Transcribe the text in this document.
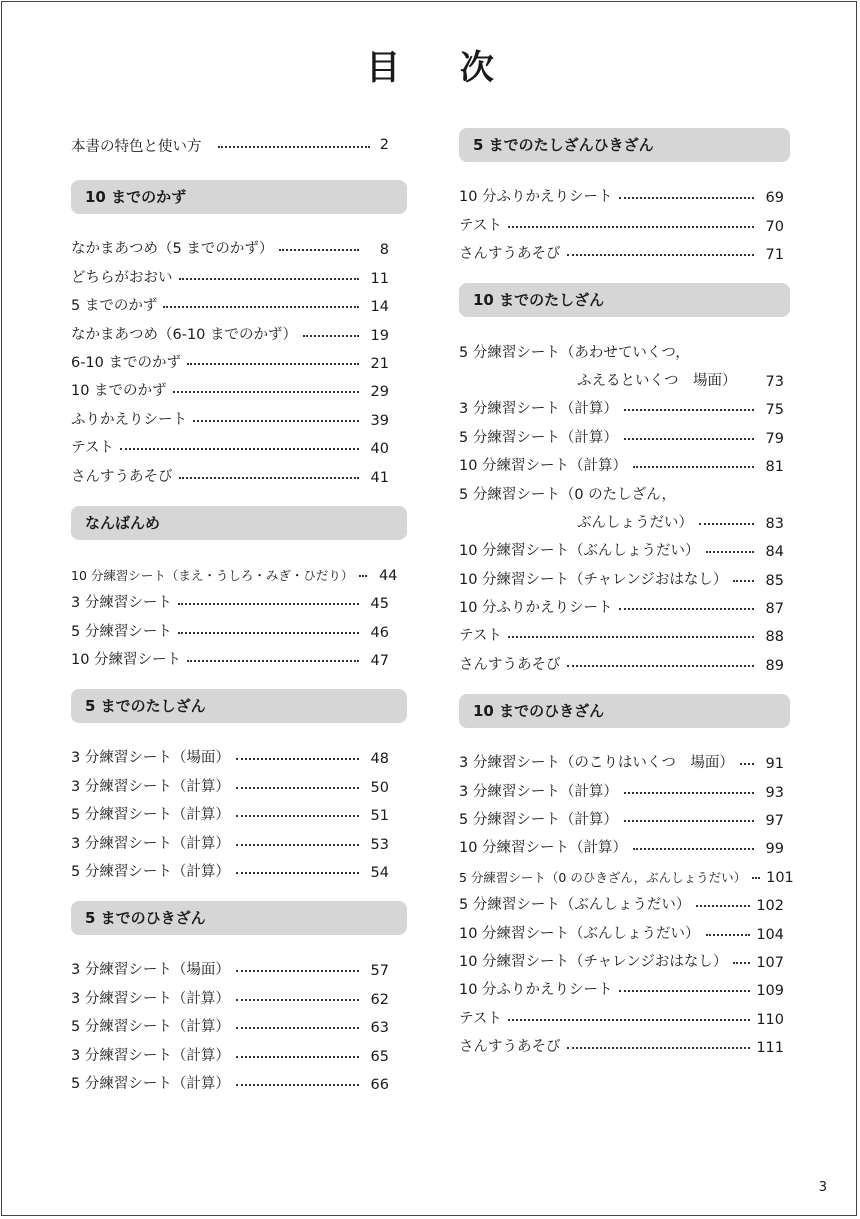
目 次
本書の特色と使い方	2
10 までのかず
なかまあつめ（5 までのかず）	8
どちらがおおい	11
5 までのかず	14
なかまあつめ（6-10 までのかず）	19
6-10 までのかず	21
10 までのかず	29
ふりかえりシート	39
テスト	40
さんすうあそび	41
なんばんめ
10 分練習シート（まえ・うしろ・みぎ・ひだり）	44
3 分練習シート	45
5 分練習シート	46
10 分練習シート	47
5 までのたしざん
3 分練習シート（場面）	48
3 分練習シート（計算）	50
5 分練習シート（計算）	51
3 分練習シート（計算）	53
5 分練習シート（計算）	54
5 までのひきざん
3 分練習シート（場面）	57
3 分練習シート（計算）	62
5 分練習シート（計算）	63
3 分練習シート（計算）	65
5 分練習シート（計算）	66
5 までのたしざんひきざん
10 分ふりかえりシート	69
テスト	70
さんすうあそび	71
10 までのたしざん
5 分練習シート（あわせていくつ，
ふえるといくつ　場面）	73
3 分練習シート（計算）	75
5 分練習シート（計算）	79
10 分練習シート（計算）	81
5 分練習シート（0 のたしざん，
ぶんしょうだい）	83
10 分練習シート（ぶんしょうだい）	84
10 分練習シート（チャレンジおはなし）	85
10 分ふりかえりシート	87
テスト	88
さんすうあそび	89
10 までのひきざん
3 分練習シート（のこりはいくつ　場面）	91
3 分練習シート（計算）	93
5 分練習シート（計算）	97
10 分練習シート（計算）	99
5 分練習シート（0 のひきざん，ぶんしょうだい） 101
5 分練習シート（ぶんしょうだい）	102
10 分練習シート（ぶんしょうだい）	104
10 分練習シート（チャレンジおはなし） 107
10 分ふりかえりシート	109
テスト	110
さんすうあそび	111
3
